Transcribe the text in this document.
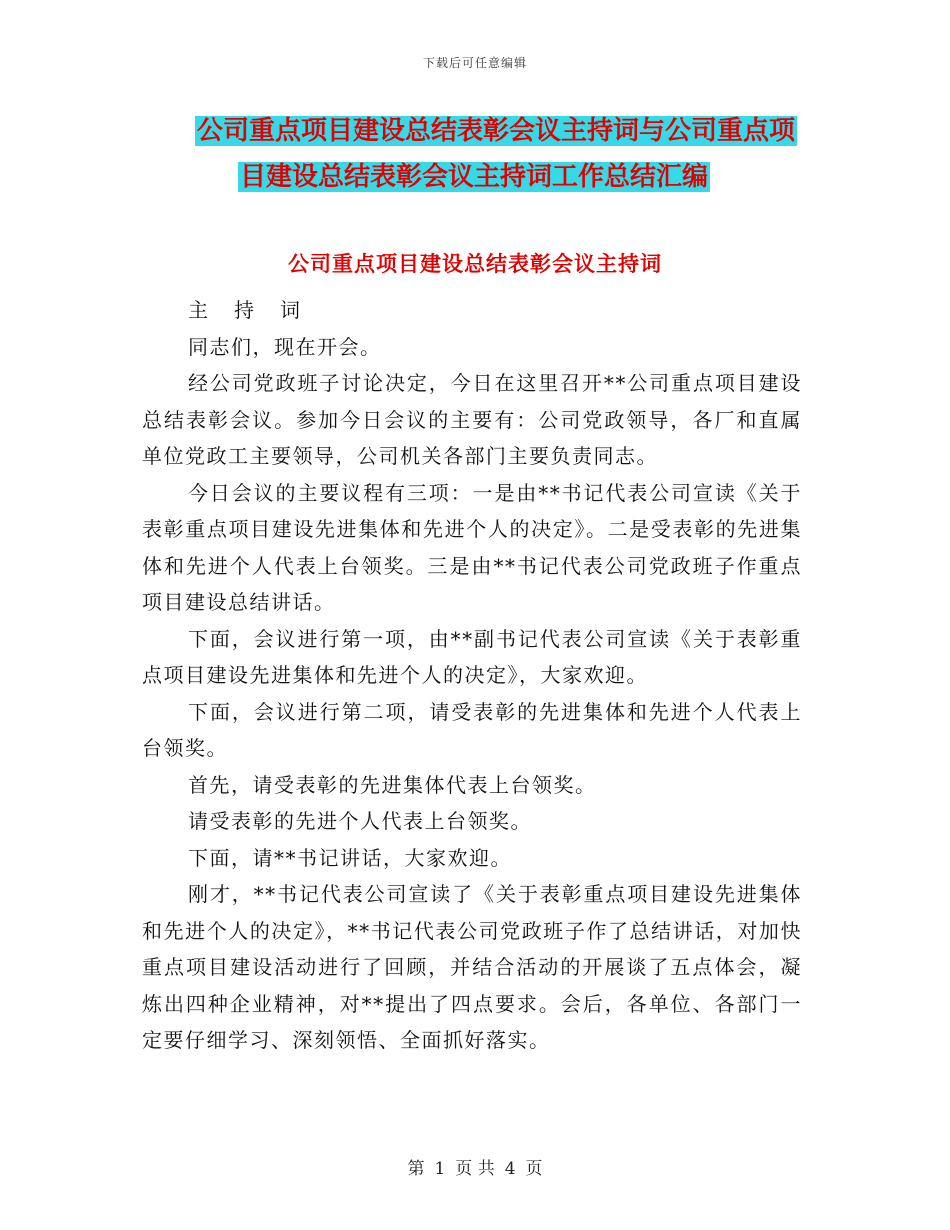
下载后可任意编辑
公司重点项目建设总结表彰会议主持词与公司重点项
目建设总结表彰会议主持词工作总结汇编
公司重点项目建设总结表彰会议主持词

主持词

同志们，现在开会。

经公司党政班子讨论决定，今日在这里召开**公司重点项目建设总结表彰会议。参加今日会议的主要有：公司党政领导，各厂和直属单位党政工主要领导，公司机关各部门主要负责同志。

今日会议的主要议程有三项：一是由**书记代表公司宣读《关于表彰重点项目建设先进集体和先进个人的决定》。二是受表彰的先进集体和先进个人代表上台领奖。三是由**书记代表公司党政班子作重点项目建设总结讲话。

下面，会议进行第一项，由**副书记代表公司宣读《关于表彰重点项目建设先进集体和先进个人的决定》，大家欢迎。

下面，会议进行第二项，请受表彰的先进集体和先进个人代表上台领奖。

首先，请受表彰的先进集体代表上台领奖。

请受表彰的先进个人代表上台领奖。

下面，请**书记讲话，大家欢迎。

刚才，**书记代表公司宣读了《关于表彰重点项目建设先进集体和先进个人的决定》，**书记代表公司党政班子作了总结讲话，对加快重点项目建设活动进行了回顾，并结合活动的开展谈了五点体会，凝炼出四种企业精神，对**提出了四点要求。会后，各单位、各部门一定要仔细学习、深刻领悟、全面抓好落实。

第 1 页 共 4 页
